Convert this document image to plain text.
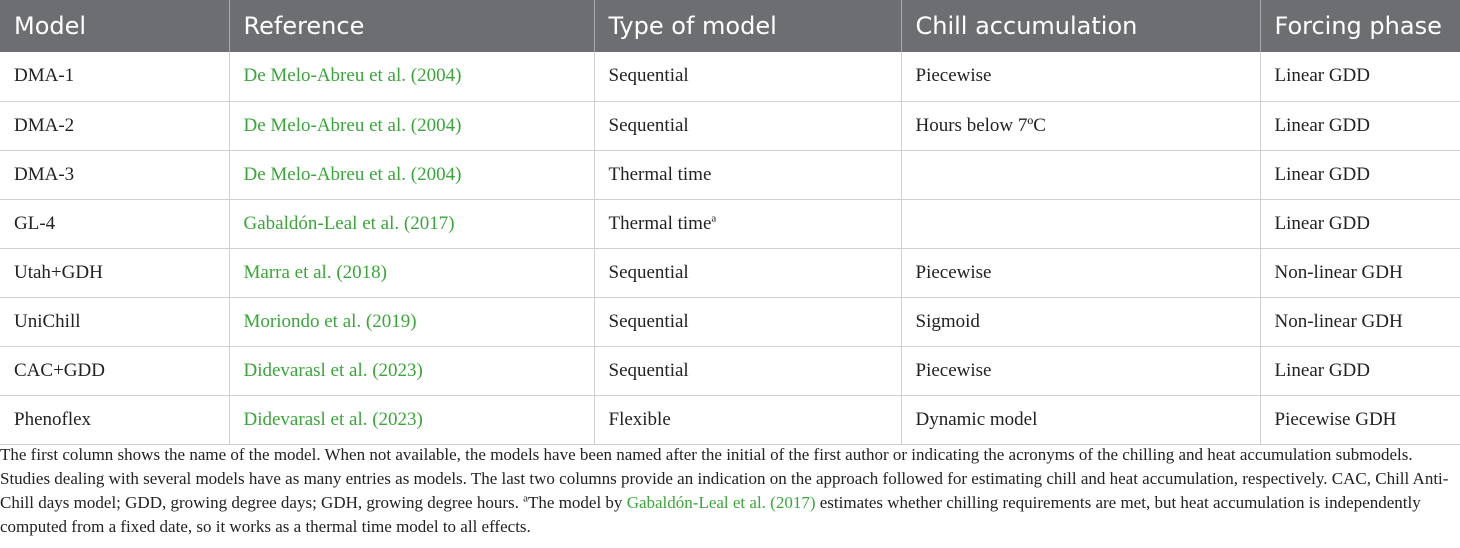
Model	Reference	Type of model	Chill accumulation	Forcing phase
DMA-1	De Melo-Abreu et al. (2004)	Sequential	Piecewise	Linear GDD
DMA-2	De Melo-Abreu et al. (2004)	Sequential	Hours below 7ºC	Linear GDD
DMA-3	De Melo-Abreu et al. (2004)	Thermal time		Linear GDD
GL-4	Gabaldón-Leal et al. (2017)	Thermal time$^a$		Linear GDD
Utah+GDH	Marra et al. (2018)	Sequential	Piecewise	Non-linear GDH
UniChill	Moriondo et al. (2019)	Sequential	Sigmoid	Non-linear GDH
CAC+GDD	Didevarasl et al. (2023)	Sequential	Piecewise	Linear GDD
Phenoflex	Didevarasl et al. (2023)	Flexible	Dynamic model	Piecewise GDH

The first column shows the name of the model. When not available, the models have been named after the initial of the first author or indicating the acronyms of the chilling and heat accumulation submodels. Studies dealing with several models have as many entries as models. The last two columns provide an indication on the approach followed for estimating chill and heat accumulation, respectively. CAC, Chill Anti-Chill days model; GDD, growing degree days; GDH, growing degree hours. $^a$The model by Gabaldón-Leal et al. (2017) estimates whether chilling requirements are met, but heat accumulation is independently computed from a fixed date, so it works as a thermal time model to all effects.
